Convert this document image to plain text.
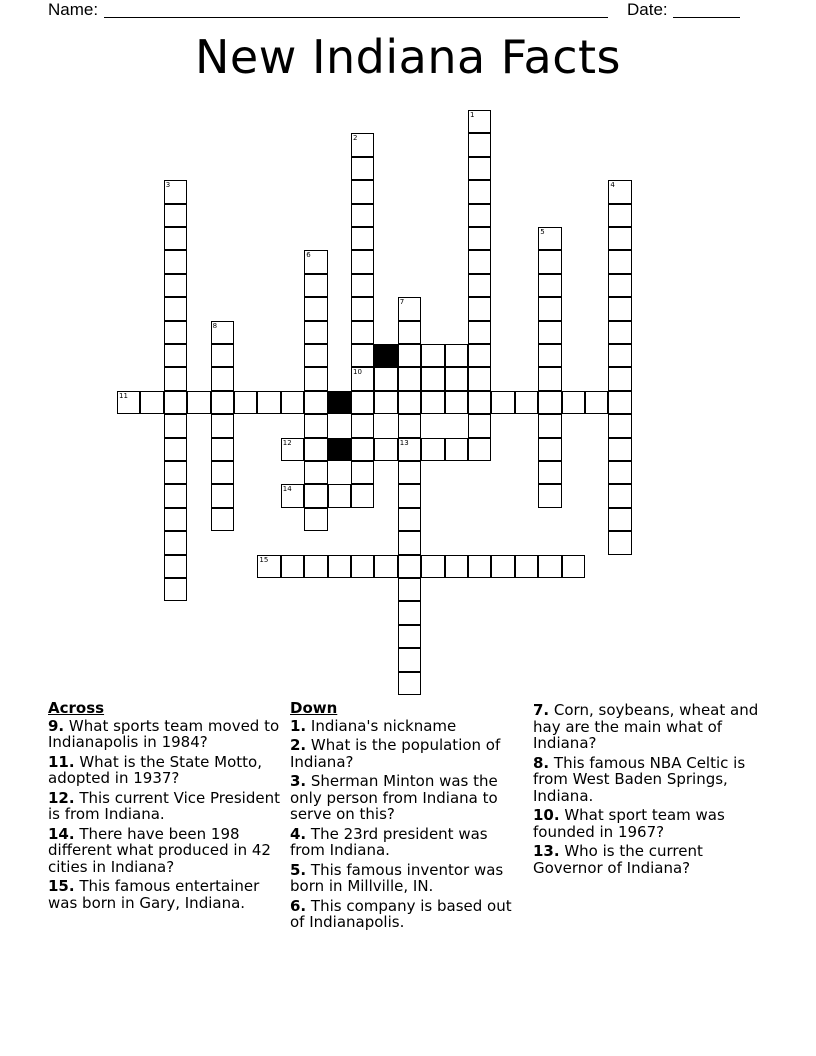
Name:	Date:
New Indiana Facts
1
2
3	4
5
6
7
8
9
10
11
12	13
14
15
Across
9. What sports team moved to Indianapolis in 1984?
11. What is the State Motto, adopted in 1937?
12. This current Vice President is from Indiana.
14. There have been 198 different what produced in 42 cities in Indiana?
15. This famous entertainer was born in Gary, Indiana.
Down
1. Indiana's nickname
2. What is the population of Indiana?
3. Sherman Minton was the only person from Indiana to serve on this?
4. The 23rd president was from Indiana.
5. This famous inventor was born in Millville, IN.
6. This company is based out of Indianapolis.
7. Corn, soybeans, wheat and hay are the main what of Indiana?
8. This famous NBA Celtic is from West Baden Springs, Indiana.
10. What sport team was founded in 1967?
13. Who is the current Governor of Indiana?
